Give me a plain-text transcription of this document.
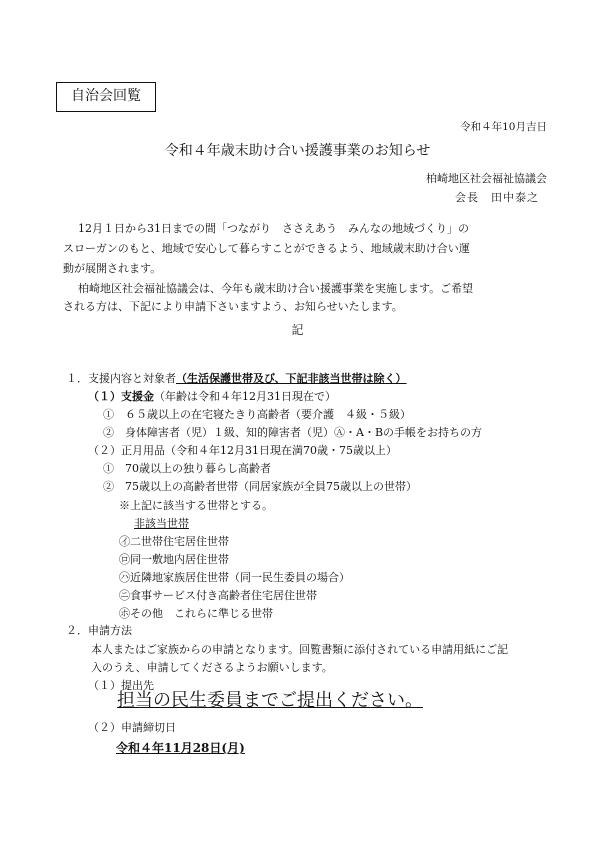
自治会回覧
令和４年10月吉日
令和４年歳末助け合い援護事業のお知らせ
柏崎地区社会福祉協議会
会長　田中泰之
12月１日から31日までの間「つながり　ささえあう　みんなの地域づくり」の
スローガンのもと、地域で安心して暮らすことができるよう、地域歳末助け合い運
動が展開されます。
柏崎地区社会福祉協議会は、今年も歳末助け合い援護事業を実施します。ご希望
される方は、下記により申請下さいますよう、お知らせいたします。
記
１．支援内容と対象者（生活保護世帯及び、下記非該当世帯は除く）
（１）支援金（年齢は令和４年12月31日現在で）
①　６５歳以上の在宅寝たきり高齢者（要介護　４級・５級）
②　身体障害者（児）１級、知的障害者（児）Ⓐ・A・Bの手帳をお持ちの方
（２）正月用品（令和４年12月31日現在満70歳・75歳以上）
①　70歳以上の独り暮らし高齢者
②　75歳以上の高齢者世帯（同居家族が全員75歳以上の世帯）
※上記に該当する世帯とする。
非該当世帯
㋑二世帯住宅居住世帯
㋺同一敷地内居住世帯
㋩近隣地家族居住世帯（同一民生委員の場合）
㋥食事サービス付き高齢者住宅居住世帯
㋭その他　これらに準じる世帯
２．申請方法
本人またはご家族からの申請となります。回覧書類に添付されている申請用紙にご記
入のうえ、申請してくださるようお願いします。
（１）提出先
担当の民生委員までご提出ください。
（２）申請締切日
令和４年11月28日(月)
